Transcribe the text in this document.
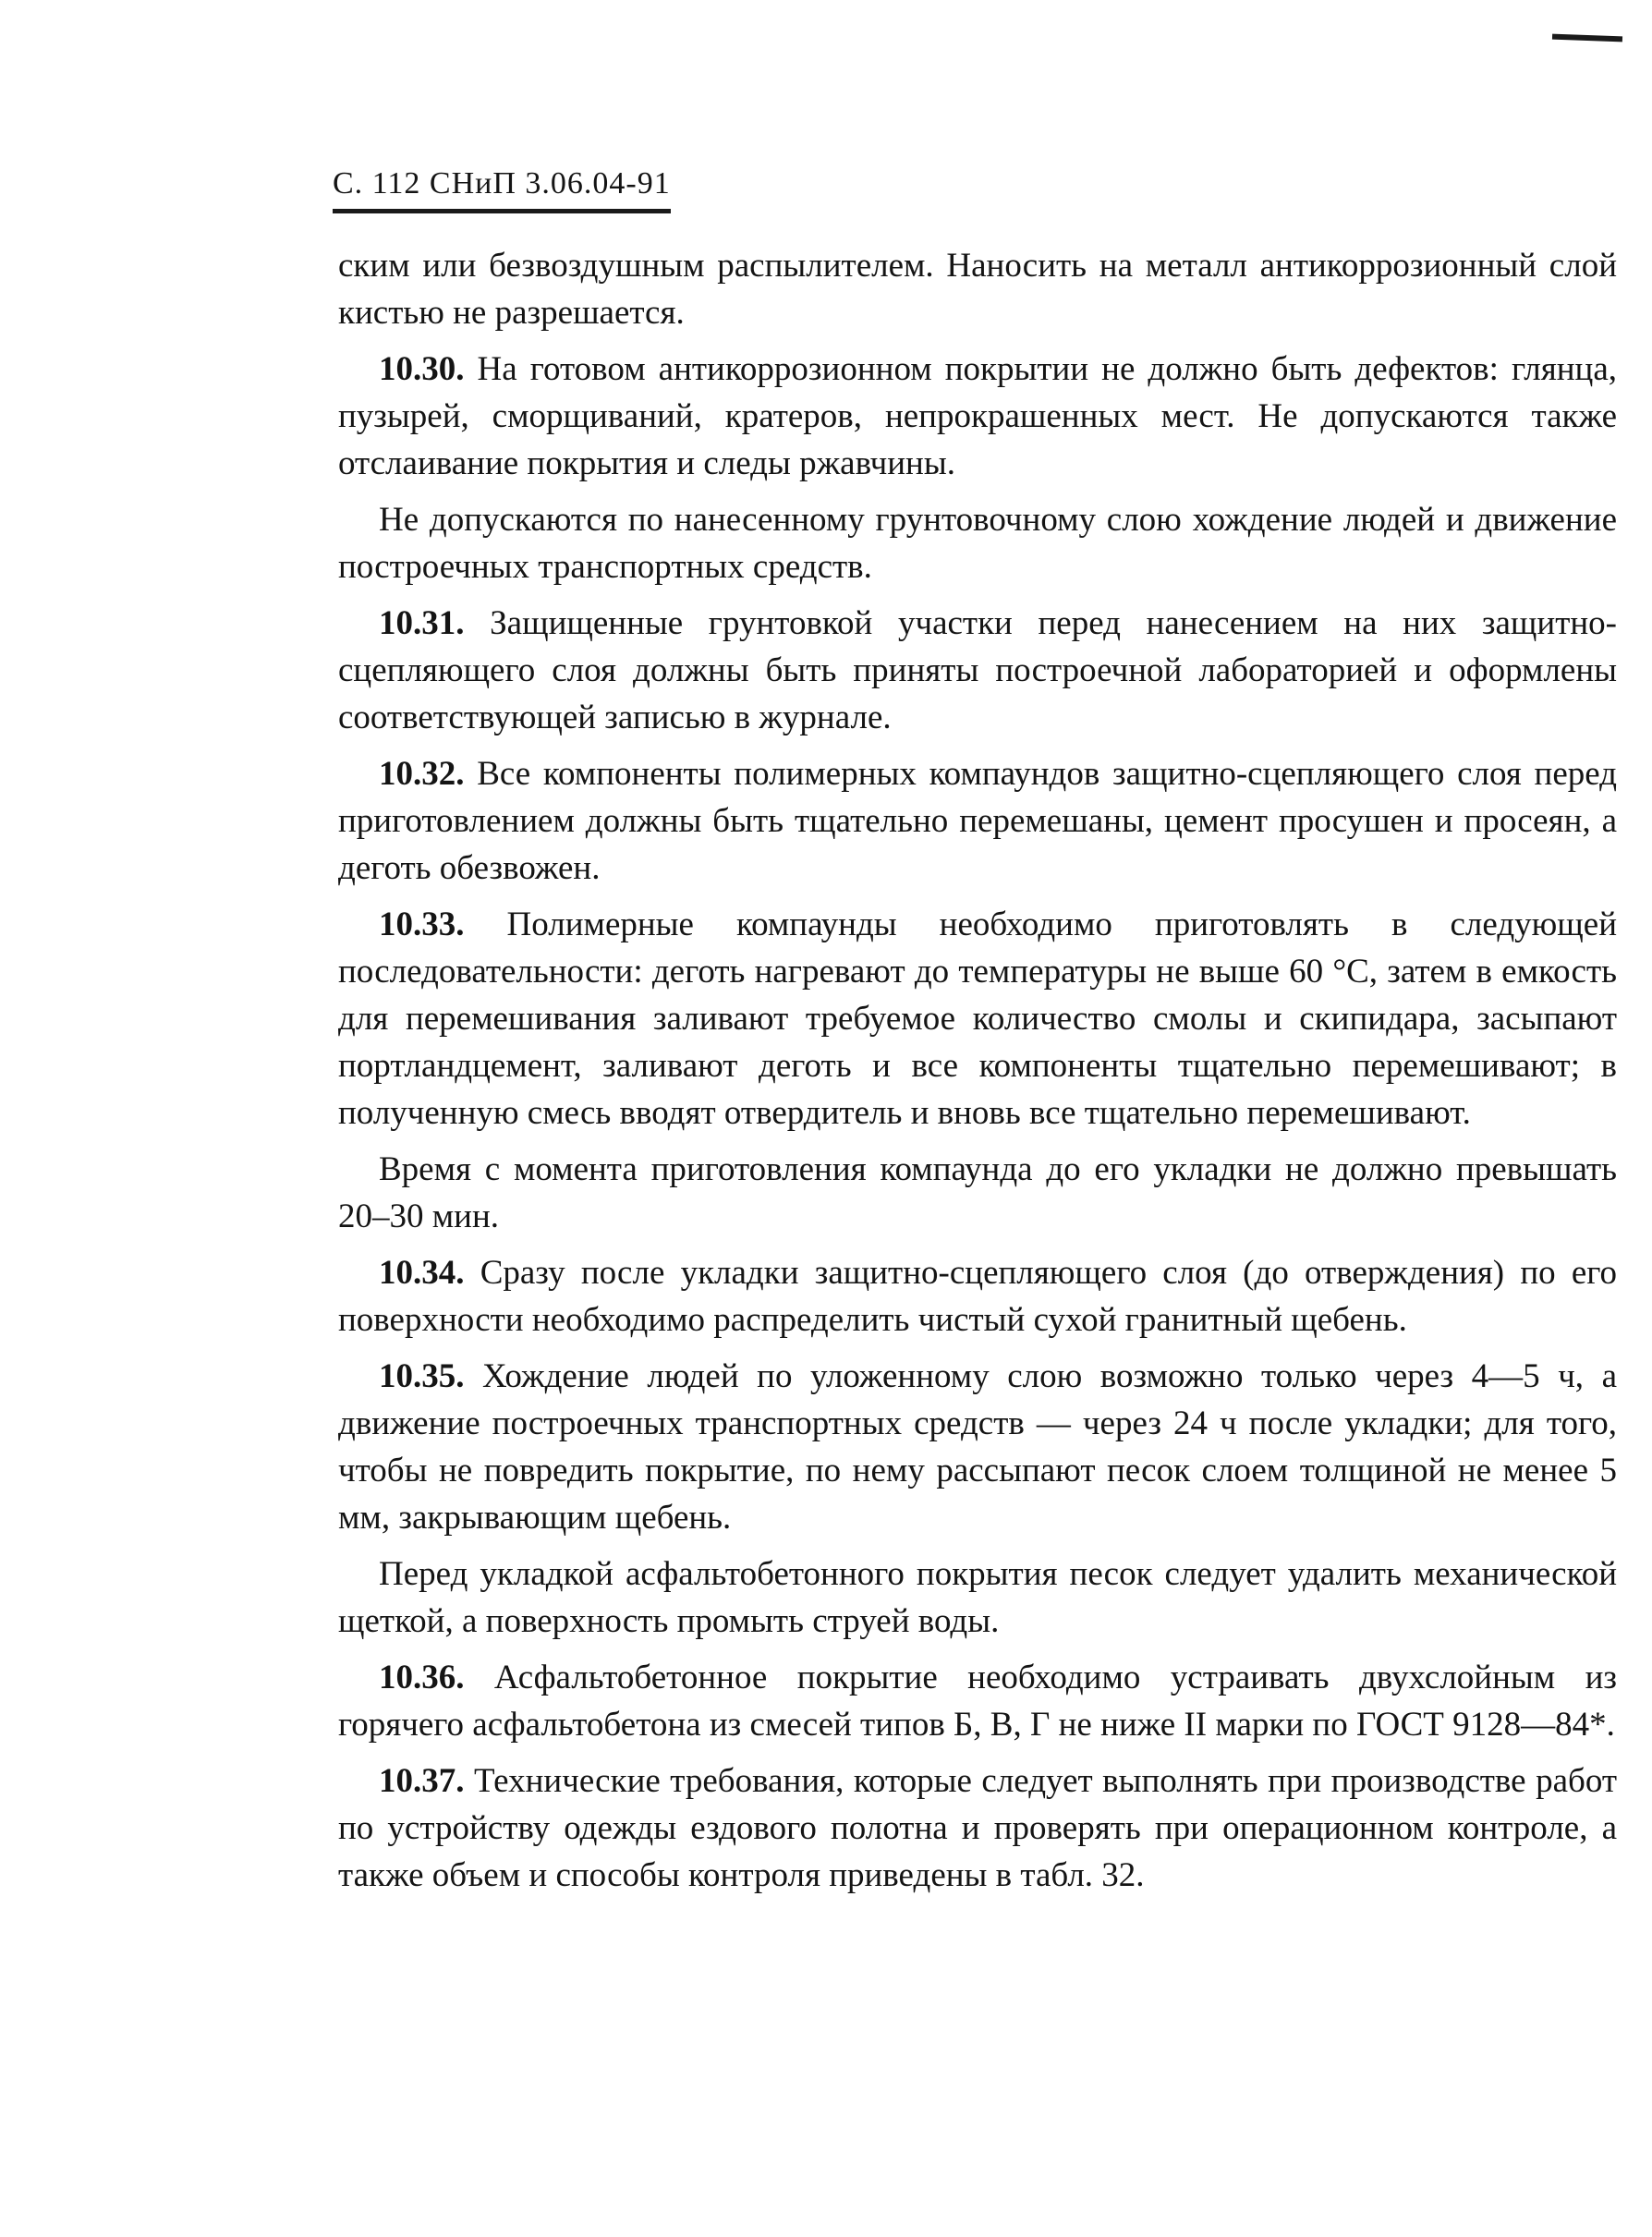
С. 112 СНиП 3.06.04-91

ским или безвоздушным распылителем. Наносить на металл антикоррозионный слой кистью не разрешается.

10.30. На готовом антикоррозионном покрытии не должно быть дефектов: глянца, пузырей, сморщиваний, кратеров, непрокрашенных мест. Не допускаются также отслаивание покрытия и следы ржавчины.

Не допускаются по нанесенному грунтовочному слою хождение людей и движение построечных транспортных средств.

10.31. Защищенные грунтовкой участки перед нанесением на них защитно-сцепляющего слоя должны быть приняты построечной лабораторией и оформлены соответствующей записью в журнале.

10.32. Все компоненты полимерных компаундов защитно-сцепляющего слоя перед приготовлением должны быть тщательно перемешаны, цемент просушен и просеян, а деготь обезвожен.

10.33. Полимерные компаунды необходимо приготовлять в следующей последовательности: деготь нагревают до температуры не выше 60 °С, затем в емкость для перемешивания заливают требуемое количество смолы и скипидара, засыпают портландцемент, заливают деготь и все компоненты тщательно перемешивают; в полученную смесь вводят отвердитель и вновь все тщательно перемешивают.

Время с момента приготовления компаунда до его укладки не должно превышать 20–30 мин.

10.34. Сразу после укладки защитно-сцепляющего слоя (до отверждения) по его поверхности необходимо распределить чистый сухой гранитный щебень.

10.35. Хождение людей по уложенному слою возможно только через 4—5 ч, а движение построечных транспортных средств — через 24 ч после укладки; для того, чтобы не повредить покрытие, по нему рассыпают песок слоем толщиной не менее 5 мм, закрывающим щебень.

Перед укладкой асфальтобетонного покрытия песок следует удалить механической щеткой, а поверхность промыть струей воды.

10.36. Асфальтобетонное покрытие необходимо устраивать двухслойным из горячего асфальтобетона из смесей типов Б, В, Г не ниже II марки по ГОСТ 9128—84*.

10.37. Технические требования, которые следует выполнять при производстве работ по устройству одежды ездового полотна и проверять при операционном контроле, а также объем и способы контроля приведены в табл. 32.
